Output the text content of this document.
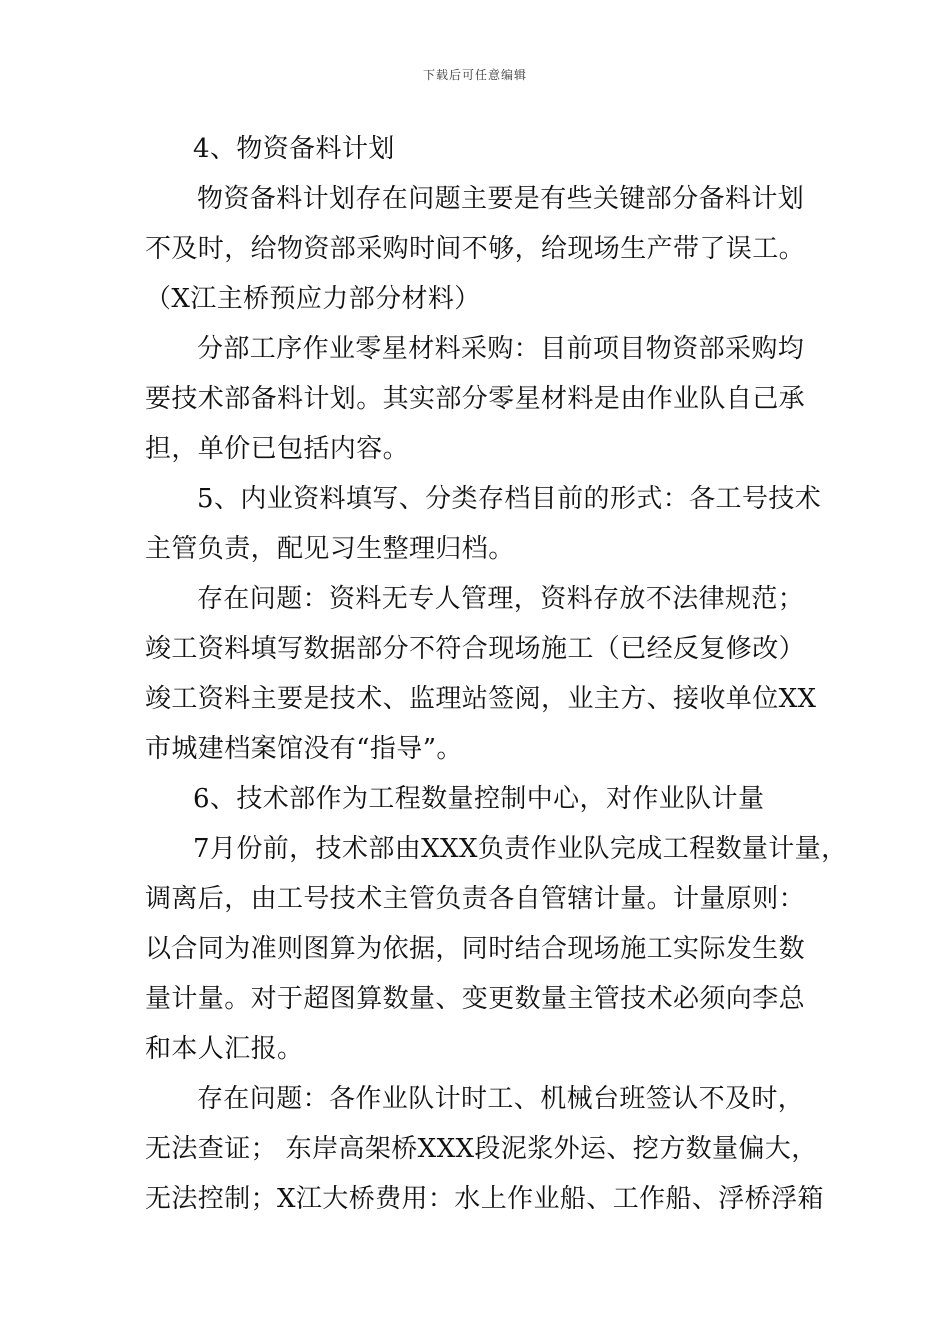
下载后可任意编辑
4、物资备料计划
物资备料计划存在问题主要是有些关键部分备料计划
不及时，给物资部采购时间不够，给现场生产带了误工。
（X江主桥预应力部分材料）
分部工序作业零星材料采购：目前项目物资部采购均
要技术部备料计划。其实部分零星材料是由作业队自己承
担，单价已包括内容。
5、内业资料填写、分类存档目前的形式：各工号技术
主管负责，配见习生整理归档。
存在问题：资料无专人管理，资料存放不法律规范；
竣工资料填写数据部分不符合现场施工（已经反复修改）
竣工资料主要是技术、监理站签阅，业主方、接收单位XX
市城建档案馆没有“指导”。
6、技术部作为工程数量控制中心，对作业队计量
7月份前，技术部由XXX负责作业队完成工程数量计量，
调离后，由工号技术主管负责各自管辖计量。计量原则：
以合同为准则图算为依据，同时结合现场施工实际发生数
量计量。对于超图算数量、变更数量主管技术必须向李总
和本人汇报。
存在问题：各作业队计时工、机械台班签认不及时，
无法查证； 东岸高架桥XXX段泥浆外运、挖方数量偏大，
无法控制；X江大桥费用：水上作业船、工作船、浮桥浮箱
